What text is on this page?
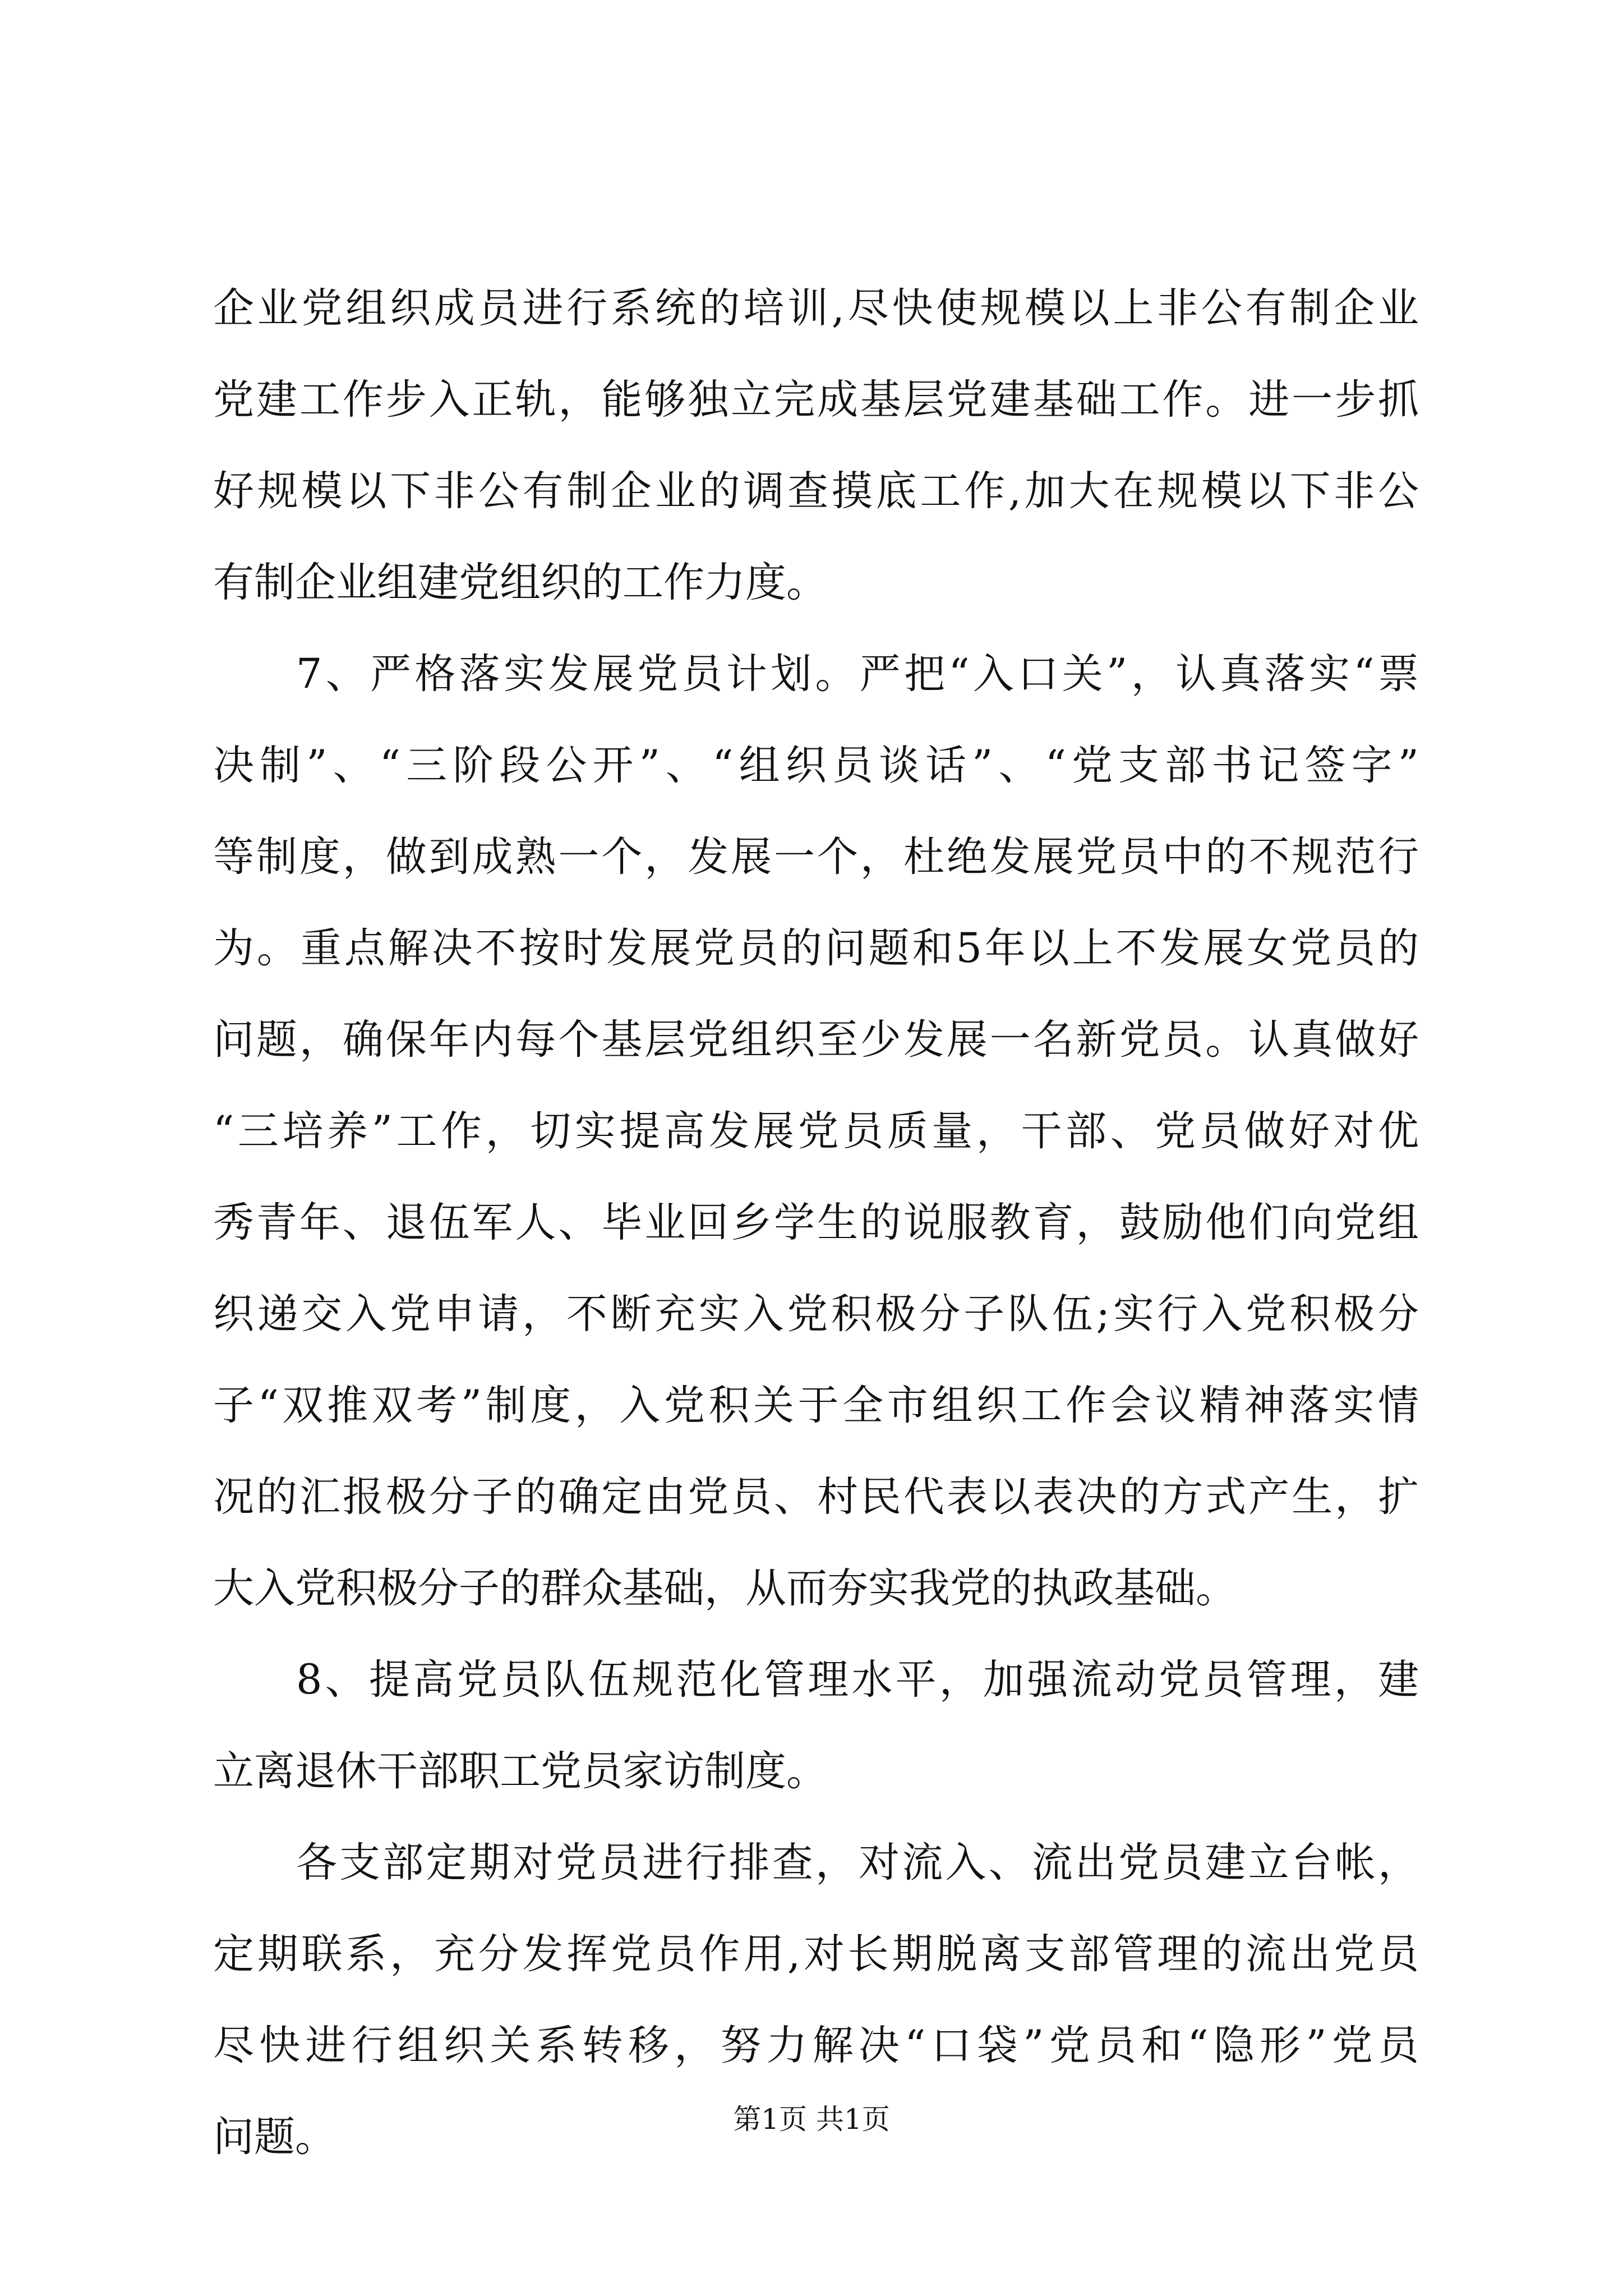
企业党组织成员进行系统的培训,尽快使规模以上非公有制企业
党建工作步入正轨，能够独立完成基层党建基础工作。进一步抓
好规模以下非公有制企业的调查摸底工作,加大在规模以下非公
有制企业组建党组织的工作力度。
7、严格落实发展党员计划。严把“入口关”，认真落实“票
决制”、“三阶段公开”、“组织员谈话”、“党支部书记签字”
等制度，做到成熟一个，发展一个，杜绝发展党员中的不规范行
为。重点解决不按时发展党员的问题和5年以上不发展女党员的
问题，确保年内每个基层党组织至少发展一名新党员。认真做好
“三培养”工作，切实提高发展党员质量，干部、党员做好对优
秀青年、退伍军人、毕业回乡学生的说服教育，鼓励他们向党组
织递交入党申请，不断充实入党积极分子队伍;实行入党积极分
子“双推双考”制度，入党积关于全市组织工作会议精神落实情
况的汇报极分子的确定由党员、村民代表以表决的方式产生，扩
大入党积极分子的群众基础，从而夯实我党的执政基础。
8、提高党员队伍规范化管理水平，加强流动党员管理，建
立离退休干部职工党员家访制度。
各支部定期对党员进行排查，对流入、流出党员建立台帐，
定期联系，充分发挥党员作用,对长期脱离支部管理的流出党员
尽快进行组织关系转移，努力解决“口袋”党员和“隐形”党员
问题。	第1页 共1页
